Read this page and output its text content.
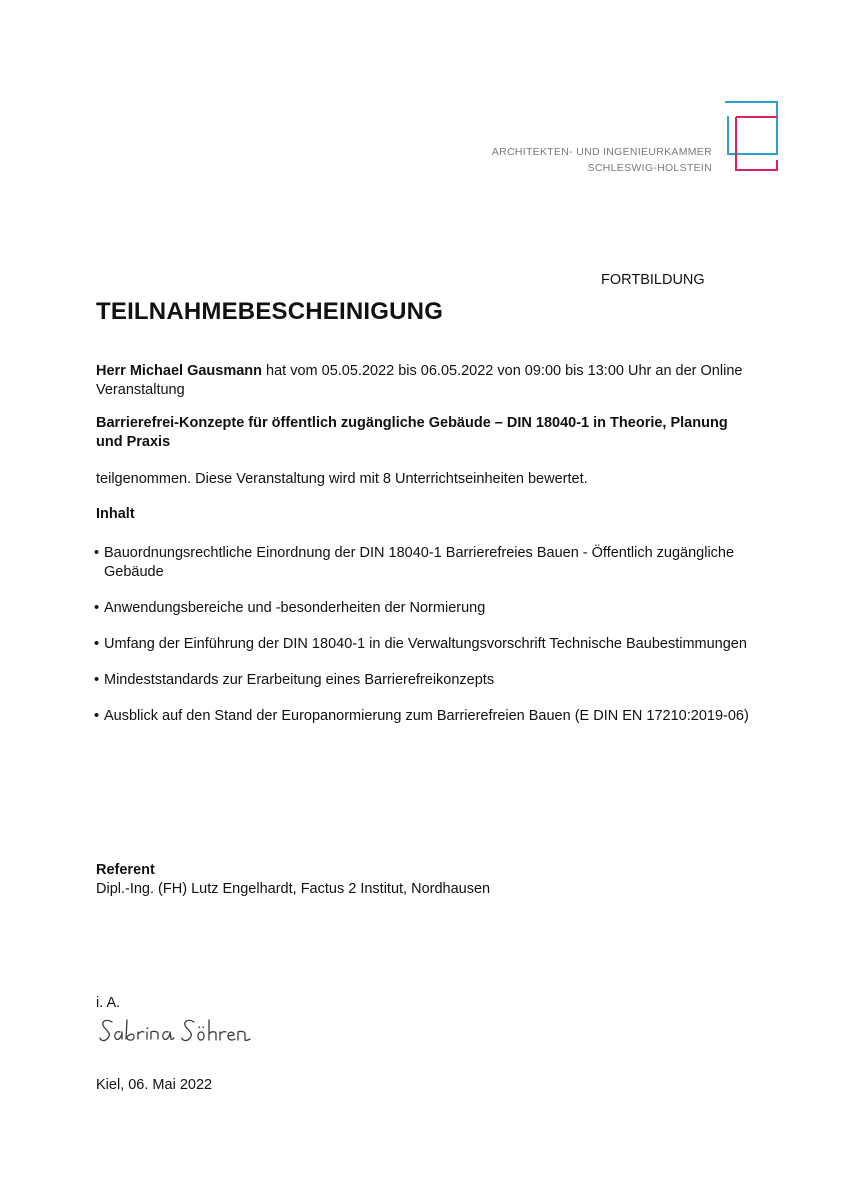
ARCHITEKTEN- UND INGENIEURKAMMER
SCHLESWIG-HOLSTEIN
FORTBILDUNG
TEILNAHMEBESCHEINIGUNG

Herr Michael Gausmann hat vom 05.05.2022 bis 06.05.2022 von 09:00 bis 13:00 Uhr an der Online Veranstaltung

Barrierefrei-Konzepte für öffentlich zugängliche Gebäude – DIN 18040-1 in Theorie, Planung und Praxis

teilgenommen. Diese Veranstaltung wird mit 8 Unterrichtseinheiten bewertet.

Inhalt

• Bauordnungsrechtliche Einordnung der DIN 18040-1 Barrierefreies Bauen - Öffentlich zugängliche Gebäude
• Anwendungsbereiche und -besonderheiten der Normierung
• Umfang der Einführung der DIN 18040-1 in die Verwaltungsvorschrift Technische Baubestimmungen
• Mindeststandards zur Erarbeitung eines Barrierefreikonzepts
• Ausblick auf den Stand der Europanormierung zum Barrierefreien Bauen (E DIN EN 17210:2019-06)

Referent

Dipl.-Ing. (FH) Lutz Engelhardt, Factus 2 Institut, Nordhausen

i. A.

Kiel, 06. Mai 2022
